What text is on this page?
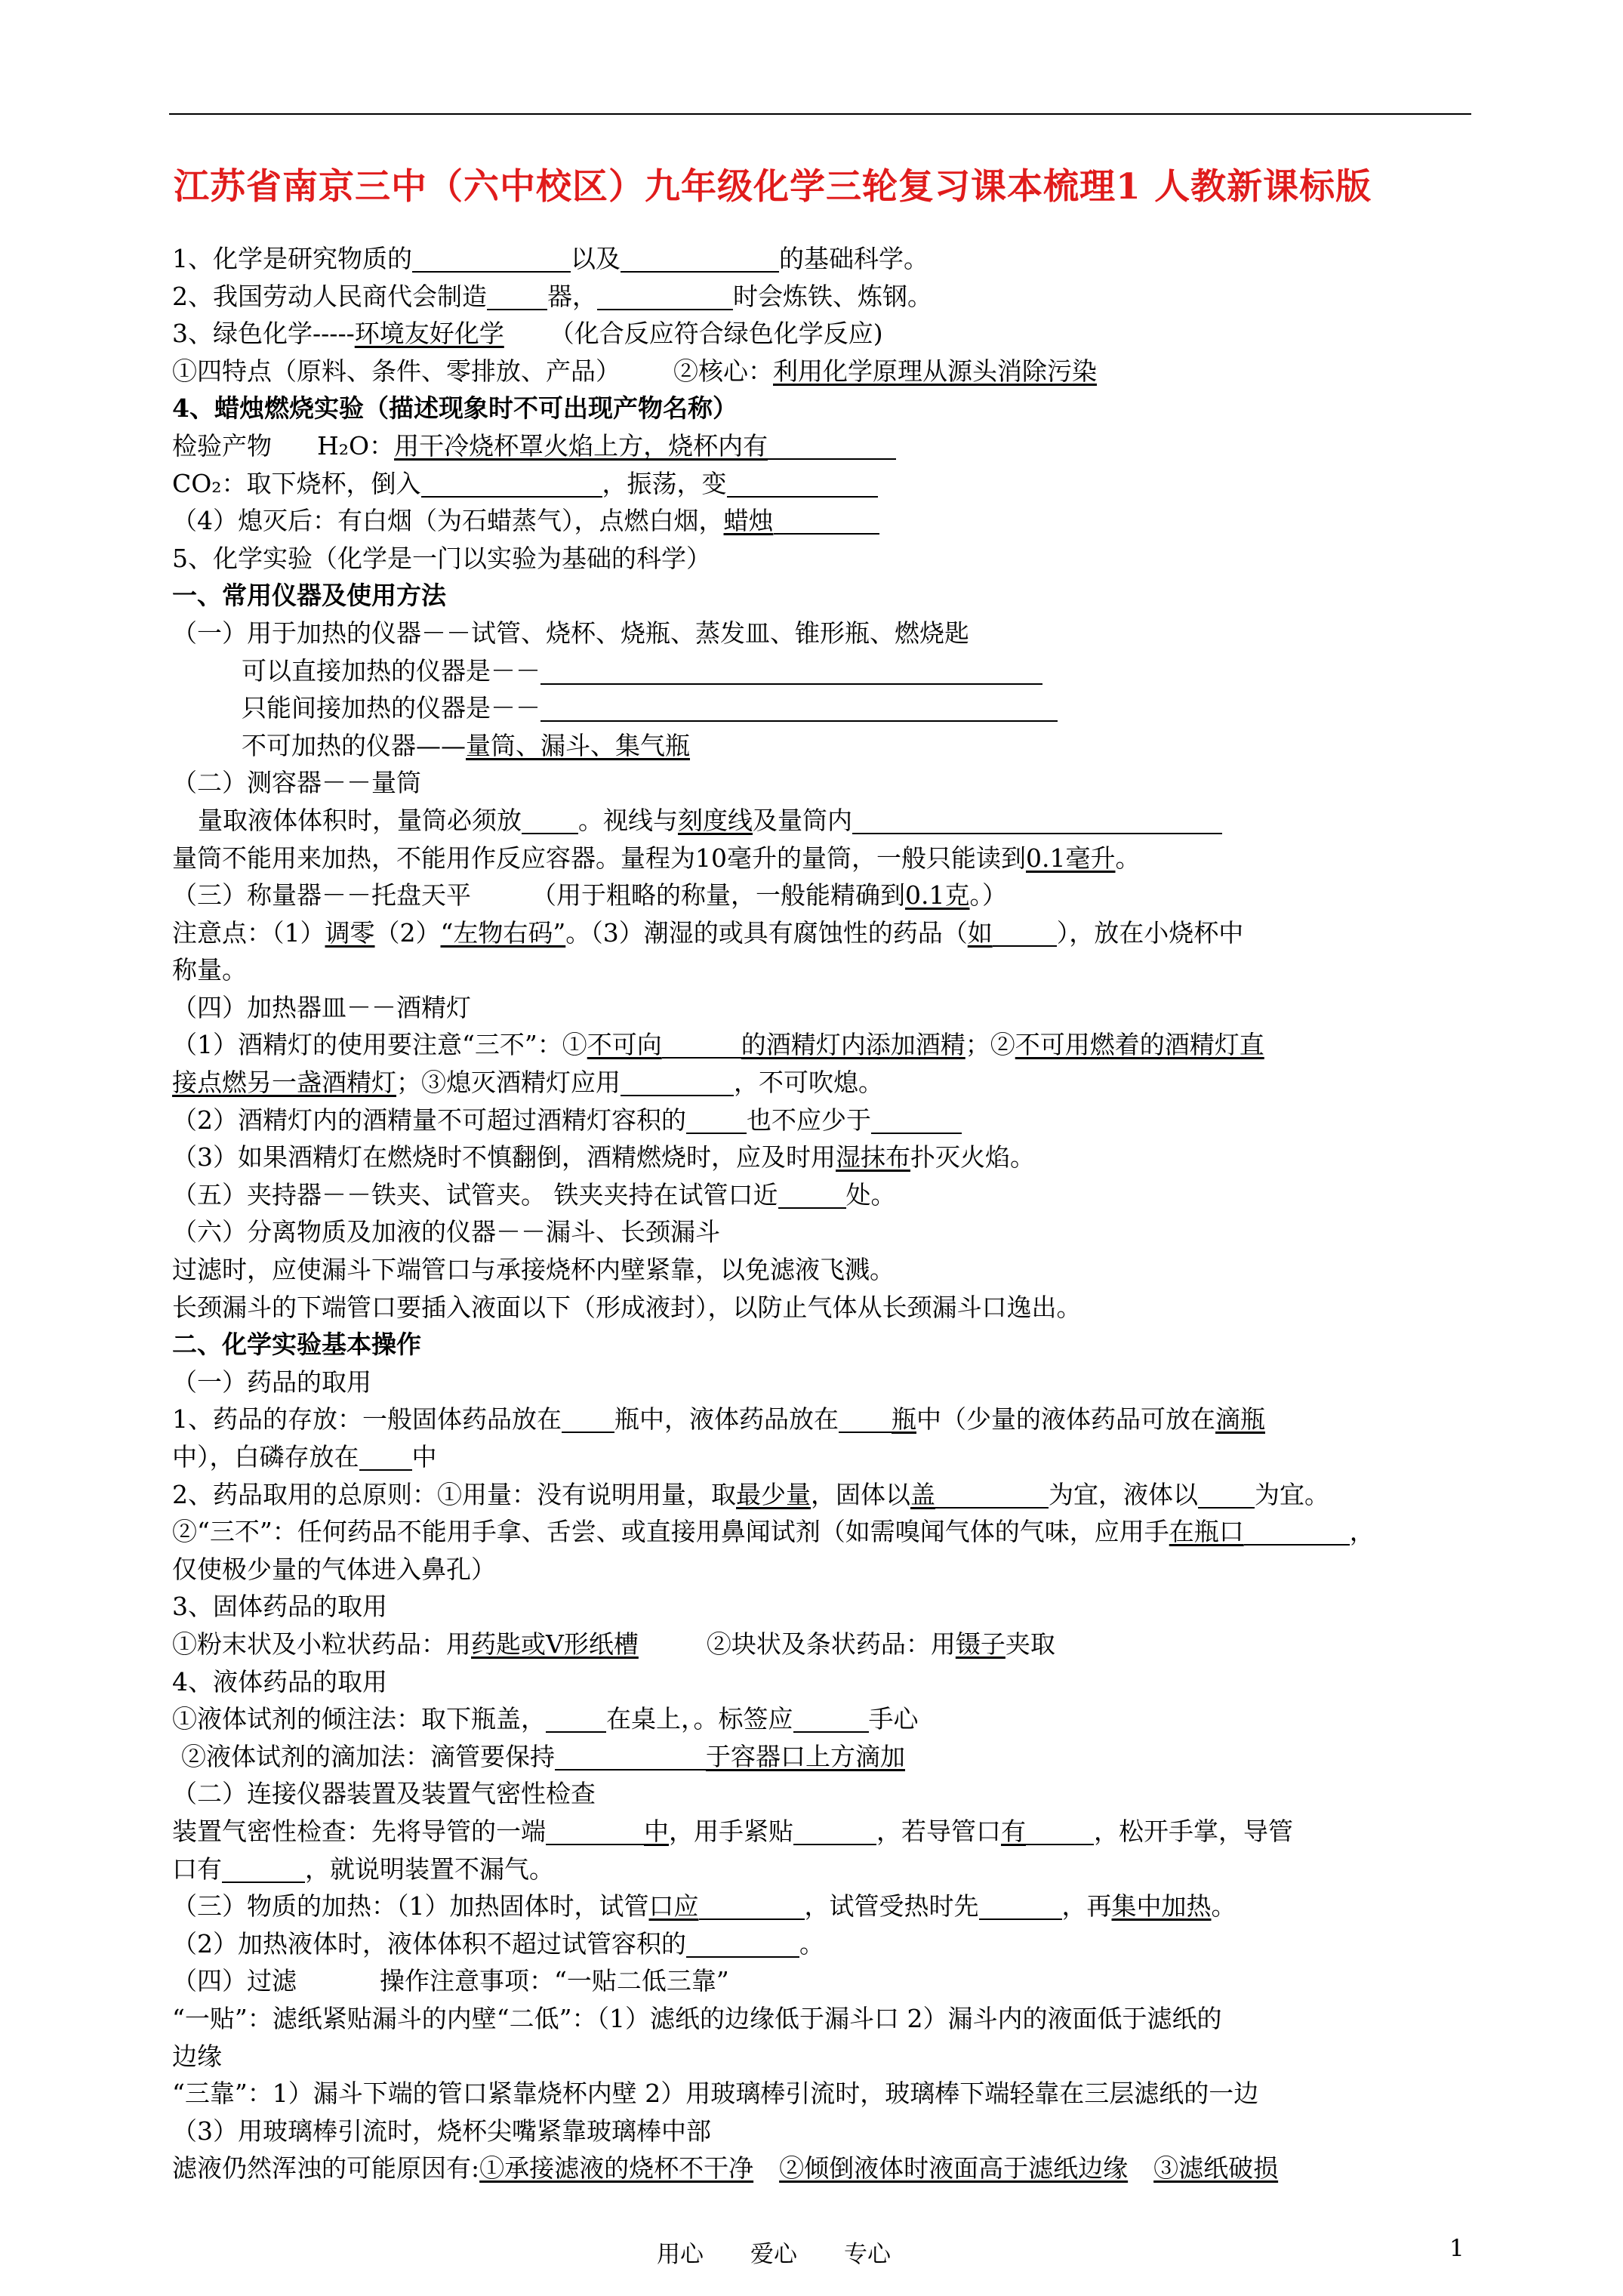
江苏省南京三中（六中校区）九年级化学三轮复习课本梳理1 人教新课标版
1、化学是研究物质的	以及	的基础科学。
2、我国劳动人民商代会制造 器，	时会炼铁、炼钢。
3、绿色化学-----环境友好化学 （化合反应符合绿色化学反应)
①四特点（原料、条件、零排放、产品） ②核心：利用化学原理从源头消除污染
4、蜡烛燃烧实验（描述现象时不可出现产物名称）
检验产物 H₂O：用干冷烧杯罩火焰上方，烧杯内有
CO₂：取下烧杯，倒入	，振荡，变
（4）熄灭后：有白烟（为石蜡蒸气），点燃白烟，蜡烛
5、化学实验（化学是一门以实验为基础的科学）
一、常用仪器及使用方法
（一）用于加热的仪器－－试管、烧杯、烧瓶、蒸发皿、锥形瓶、燃烧匙
可以直接加热的仪器是－－
只能间接加热的仪器是－－
不可加热的仪器——量筒、漏斗、集气瓶
（二）测容器－－量筒
量取液体体积时，量筒必须放 。视线与刻度线及量筒内
量筒不能用来加热，不能用作反应容器。量程为10毫升的量筒，一般只能读到0.1毫升。
（三）称量器－－托盘天平 （用于粗略的称量，一般能精确到0.1克。）
注意点：（1）调零（2）“左物右码”。（3）潮湿的或具有腐蚀性的药品（如	），放在小烧杯中
称量。
（四）加热器皿－－酒精灯
（1）酒精灯的使用要注意“三不”：①不可向	的酒精灯内添加酒精；②不可用燃着的酒精灯直
接点燃另一盏酒精灯；③熄灭酒精灯应用	，不可吹熄。
（2）酒精灯内的酒精量不可超过酒精灯容积的 也不应少于
（3）如果酒精灯在燃烧时不慎翻倒，酒精燃烧时，应及时用湿抹布扑灭火焰。
（五）夹持器－－铁夹、试管夹。 铁夹夹持在试管口近	处。
（六）分离物质及加液的仪器－－漏斗、长颈漏斗
过滤时，应使漏斗下端管口与承接烧杯内壁紧靠，以免滤液飞溅。
长颈漏斗的下端管口要插入液面以下（形成液封），以防止气体从长颈漏斗口逸出。
二、化学实验基本操作
（一）药品的取用
1、药品的存放：一般固体药品放在 瓶中，液体药品放在 瓶中（少量的液体药品可放在滴瓶
中），白磷存放在 中
2、药品取用的总原则：①用量：没有说明用量，取最少量，固体以盖	为宜，液体以 为宜。
②“三不”：任何药品不能用手拿、舌尝、或直接用鼻闻试剂（如需嗅闻气体的气味，应用手在瓶口	，
仅使极少量的气体进入鼻孔）
3、固体药品的取用
①粉末状及小粒状药品：用药匙或V形纸槽	②块状及条状药品：用镊子夹取
4、液体药品的取用
①液体试剂的倾注法：取下瓶盖， 在桌上，。标签应	手心
②液体试剂的滴加法：滴管要保持	于容器口上方滴加
（二）连接仪器装置及装置气密性检查
装置气密性检查：先将导管的一端	中，用手紧贴	，若导管口有	，松开手掌，导管
口有	，就说明装置不漏气。
（三）物质的加热：（1）加热固体时，试管口应	，试管受热时先	，再集中加热。
（2）加热液体时，液体体积不超过试管容积的	。
（四）过滤	操作注意事项：“一贴二低三靠”
“一贴”：滤纸紧贴漏斗的内壁“二低”：（1）滤纸的边缘低于漏斗口 2）漏斗内的液面低于滤纸的
边缘
“三靠”：1）漏斗下端的管口紧靠烧杯内壁 2）用玻璃棒引流时，玻璃棒下端轻靠在三层滤纸的一边
（3）用玻璃棒引流时，烧杯尖嘴紧靠玻璃棒中部
滤液仍然浑浊的可能原因有:①承接滤液的烧杯不干净 ②倾倒液体时液面高于滤纸边缘 ③滤纸破损
用心　　爱心　　专心	1
